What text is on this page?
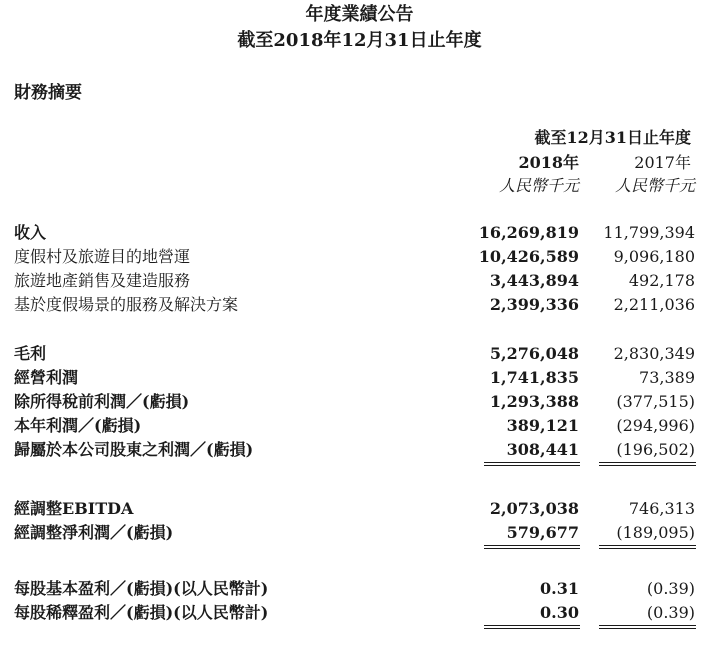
年度業績公告
截至2018年12月31日止年度
財務摘要
截至12月31日止年度
2018年	2017年
人民幣千元 人民幣千元
收入	16,269,819 11,799,394
度假村及旅遊目的地營運	10,426,589 9,096,180
旅遊地產銷售及建造服務	3,443,894	492,178
基於度假場景的服務及解決方案	2,399,336 2,211,036
毛利	5,276,048 2,830,349
經營利潤	1,741,835	73,389
除所得稅前利潤／(虧損)	1,293,388 (377,515)
本年利潤／(虧損)	389,121 (294,996)
歸屬於本公司股東之利潤／(虧損)	308,441 (196,502)
經調整EBITDA	2,073,038	746,313
經調整淨利潤／(虧損)	579,677 (189,095)
每股基本盈利／(虧損)(以人民幣計)	0.31	(0.39)
每股稀釋盈利／(虧損)(以人民幣計)	0.30	(0.39)
